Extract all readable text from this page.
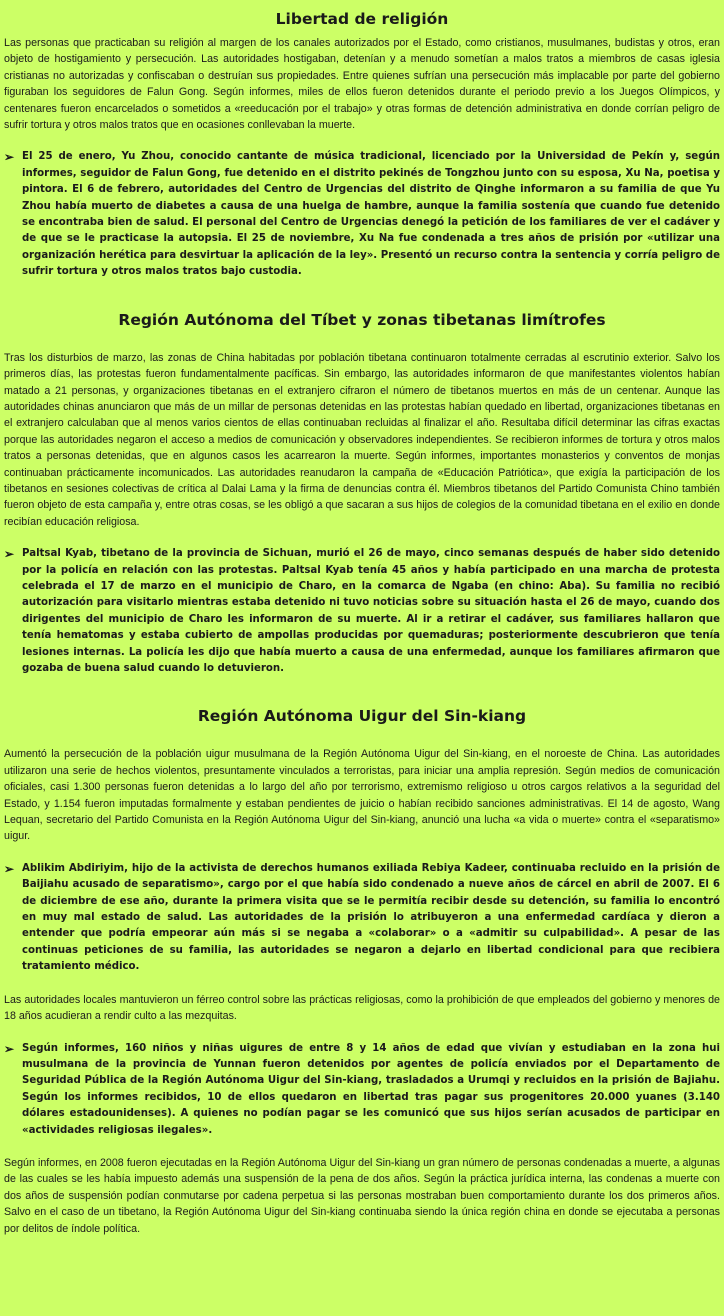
Libertad de religión

Las personas que practicaban su religión al margen de los canales autorizados por el Estado, como cristianos, musulmanes, budistas y otros, eran objeto de hostigamiento y persecución. Las autoridades hostigaban, detenían y a menudo sometían a malos tratos a miembros de casas iglesia cristianas no autorizadas y confiscaban o destruían sus propiedades. Entre quienes sufrían una persecución más implacable por parte del gobierno figuraban los seguidores de Falun Gong. Según informes, miles de ellos fueron detenidos durante el periodo previo a los Juegos Olímpicos, y centenares fueron encarcelados o sometidos a «reeducación por el trabajo» y otras formas de detención administrativa en donde corrían peligro de sufrir tortura y otros malos tratos que en ocasiones conllevaban la muerte.

➢ El 25 de enero, Yu Zhou, conocido cantante de música tradicional, licenciado por la Universidad de Pekín y, según informes, seguidor de Falun Gong, fue detenido en el distrito pekinés de Tongzhou junto con su esposa, Xu Na, poetisa y pintora. El 6 de febrero, autoridades del Centro de Urgencias del distrito de Qinghe informaron a su familia de que Yu Zhou había muerto de diabetes a causa de una huelga de hambre, aunque la familia sostenía que cuando fue detenido se encontraba bien de salud. El personal del Centro de Urgencias denegó la petición de los familiares de ver el cadáver y de que se le practicase la autopsia. El 25 de noviembre, Xu Na fue condenada a tres años de prisión por «utilizar una organización herética para desvirtuar la aplicación de la ley». Presentó un recurso contra la sentencia y corría peligro de sufrir tortura y otros malos tratos bajo custodia.

Región Autónoma del Tíbet y zonas tibetanas limítrofes

Tras los disturbios de marzo, las zonas de China habitadas por población tibetana continuaron totalmente cerradas al escrutinio exterior. Salvo los primeros días, las protestas fueron fundamentalmente pacíficas. Sin embargo, las autoridades informaron de que manifestantes violentos habían matado a 21 personas, y organizaciones tibetanas en el extranjero cifraron el número de tibetanos muertos en más de un centenar. Aunque las autoridades chinas anunciaron que más de un millar de personas detenidas en las protestas habían quedado en libertad, organizaciones tibetanas en el extranjero calculaban que al menos varios cientos de ellas continuaban recluidas al finalizar el año. Resultaba difícil determinar las cifras exactas porque las autoridades negaron el acceso a medios de comunicación y observadores independientes. Se recibieron informes de tortura y otros malos tratos a personas detenidas, que en algunos casos les acarrearon la muerte. Según informes, importantes monasterios y conventos de monjas continuaban prácticamente incomunicados. Las autoridades reanudaron la campaña de «Educación Patriótica», que exigía la participación de los tibetanos en sesiones colectivas de crítica al Dalai Lama y la firma de denuncias contra él. Miembros tibetanos del Partido Comunista Chino también fueron objeto de esta campaña y, entre otras cosas, se les obligó a que sacaran a sus hijos de colegios de la comunidad tibetana en el exilio en donde recibían educación religiosa.

➢ Paltsal Kyab, tibetano de la provincia de Sichuan, murió el 26 de mayo, cinco semanas después de haber sido detenido por la policía en relación con las protestas. Paltsal Kyab tenía 45 años y había participado en una marcha de protesta celebrada el 17 de marzo en el municipio de Charo, en la comarca de Ngaba (en chino: Aba). Su familia no recibió autorización para visitarlo mientras estaba detenido ni tuvo noticias sobre su situación hasta el 26 de mayo, cuando dos dirigentes del municipio de Charo les informaron de su muerte. Al ir a retirar el cadáver, sus familiares hallaron que tenía hematomas y estaba cubierto de ampollas producidas por quemaduras; posteriormente descubrieron que tenía lesiones internas. La policía les dijo que había muerto a causa de una enfermedad, aunque los familiares afirmaron que gozaba de buena salud cuando lo detuvieron.

Región Autónoma Uigur del Sin-kiang

Aumentó la persecución de la población uigur musulmana de la Región Autónoma Uigur del Sin-kiang, en el noroeste de China. Las autoridades utilizaron una serie de hechos violentos, presuntamente vinculados a terroristas, para iniciar una amplia represión. Según medios de comunicación oficiales, casi 1.300 personas fueron detenidas a lo largo del año por terrorismo, extremismo religioso u otros cargos relativos a la seguridad del Estado, y 1.154 fueron imputadas formalmente y estaban pendientes de juicio o habían recibido sanciones administrativas. El 14 de agosto, Wang Lequan, secretario del Partido Comunista en la Región Autónoma Uigur del Sin-kiang, anunció una lucha «a vida o muerte» contra el «separatismo» uigur.

➢ Ablikim Abdiriyim, hijo de la activista de derechos humanos exiliada Rebiya Kadeer, continuaba recluido en la prisión de Baijiahu acusado de separatismo», cargo por el que había sido condenado a nueve años de cárcel en abril de 2007. El 6 de diciembre de ese año, durante la primera visita que se le permitía recibir desde su detención, su familia lo encontró en muy mal estado de salud. Las autoridades de la prisión lo atribuyeron a una enfermedad cardíaca y dieron a entender que podría empeorar aún más si se negaba a «colaborar» o a «admitir su culpabilidad». A pesar de las continuas peticiones de su familia, las autoridades se negaron a dejarlo en libertad condicional para que recibiera tratamiento médico.

Las autoridades locales mantuvieron un férreo control sobre las prácticas religiosas, como la prohibición de que empleados del gobierno y menores de 18 años acudieran a rendir culto a las mezquitas.

➢ Según informes, 160 niños y niñas uigures de entre 8 y 14 años de edad que vivían y estudiaban en la zona hui musulmana de la provincia de Yunnan fueron detenidos por agentes de policía enviados por el Departamento de Seguridad Pública de la Región Autónoma Uigur del Sin-kiang, trasladados a Urumqi y recluidos en la prisión de Bajiahu. Según los informes recibidos, 10 de ellos quedaron en libertad tras pagar sus progenitores 20.000 yuanes (3.140 dólares estadounidenses). A quienes no podían pagar se les comunicó que sus hijos serían acusados de participar en «actividades religiosas ilegales».

Según informes, en 2008 fueron ejecutadas en la Región Autónoma Uigur del Sin-kiang un gran número de personas condenadas a muerte, a algunas de las cuales se les había impuesto además una suspensión de la pena de dos años. Según la práctica jurídica interna, las condenas a muerte con dos años de suspensión podían conmutarse por cadena perpetua si las personas mostraban buen comportamiento durante los dos primeros años. Salvo en el caso de un tibetano, la Región Autónoma Uigur del Sin-kiang continuaba siendo la única región china en donde se ejecutaba a personas por delitos de índole política.
